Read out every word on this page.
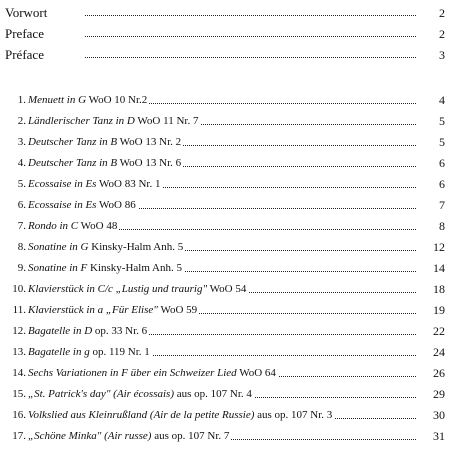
Vorwort	2
Preface	2
Préface	3
1. Menuett in G WoO 10 Nr.2	4
2. Ländlerischer Tanz in D WoO 11 Nr. 7	5
3. Deutscher Tanz in B WoO 13 Nr. 2	5
4. Deutscher Tanz in B WoO 13 Nr. 6	6
5. Ecossaise in Es WoO 83 Nr. 1	6
6. Ecossaise in Es WoO 86	7
7. Rondo in C WoO 48	8
8. Sonatine in G Kinsky-Halm Anh. 5	12
9. Sonatine in F Kinsky-Halm Anh. 5	14
10. Klavierstück in C/c „Lustig und traurig" WoO 54	18
11. Klavierstück in a „Für Elise" WoO 59	19
12. Bagatelle in D op. 33 Nr. 6	22
13. Bagatelle in g op. 119 Nr. 1	24
14. Sechs Variationen in F über ein Schweizer Lied WoO 64	26
15. „St. Patrick's day" (Air écossais) aus op. 107 Nr. 4	29
16. Volkslied aus Kleinrußland (Air de la petite Russie) aus op. 107 Nr. 3	30
17. „Schöne Minka" (Air russe) aus op. 107 Nr. 7	31
